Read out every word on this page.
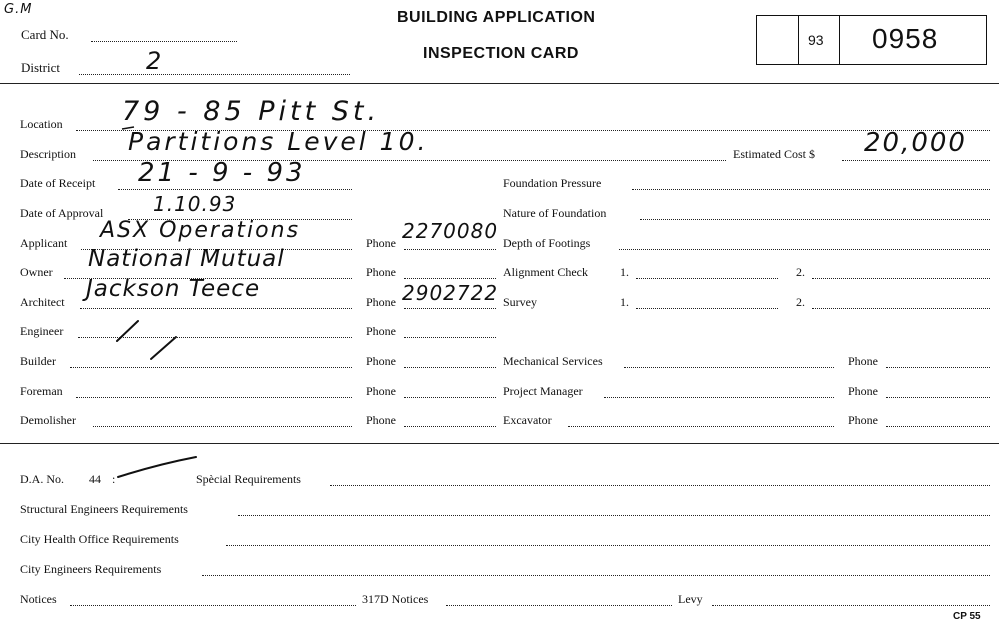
G.M
Card No.
District	2
BUILDING APPLICATION
INSPECTION CARD
93 0958
Location 79 - 85 Pitt St.
Description Partitions Level 10.	Estimated Cost $ 20,000
Date of Receipt 21 - 9 - 93	Foundation Pressure
Date of Approval 1.10.93	Nature of Foundation
Applicant ASX Operations	Phone 2270080 Depth of Footings
Owner National Mutual	Phone	Alignment Check	1.	2.
Architect Jackson Teece	Phone 2902722 Survey	1.	2.
Engineer	Phone
Builder	Phone	Mechanical Services	Phone
Foreman	Phone	Project Manager	Phone
Demolisher	Phone	Excavator	Phone
D.A. No. 44 :	Spècial Requirements
Structural Engineers Requirements
City Health Office Requirements
City Engineers Requirements
Notices	317D Notices	Levy
CP 55
